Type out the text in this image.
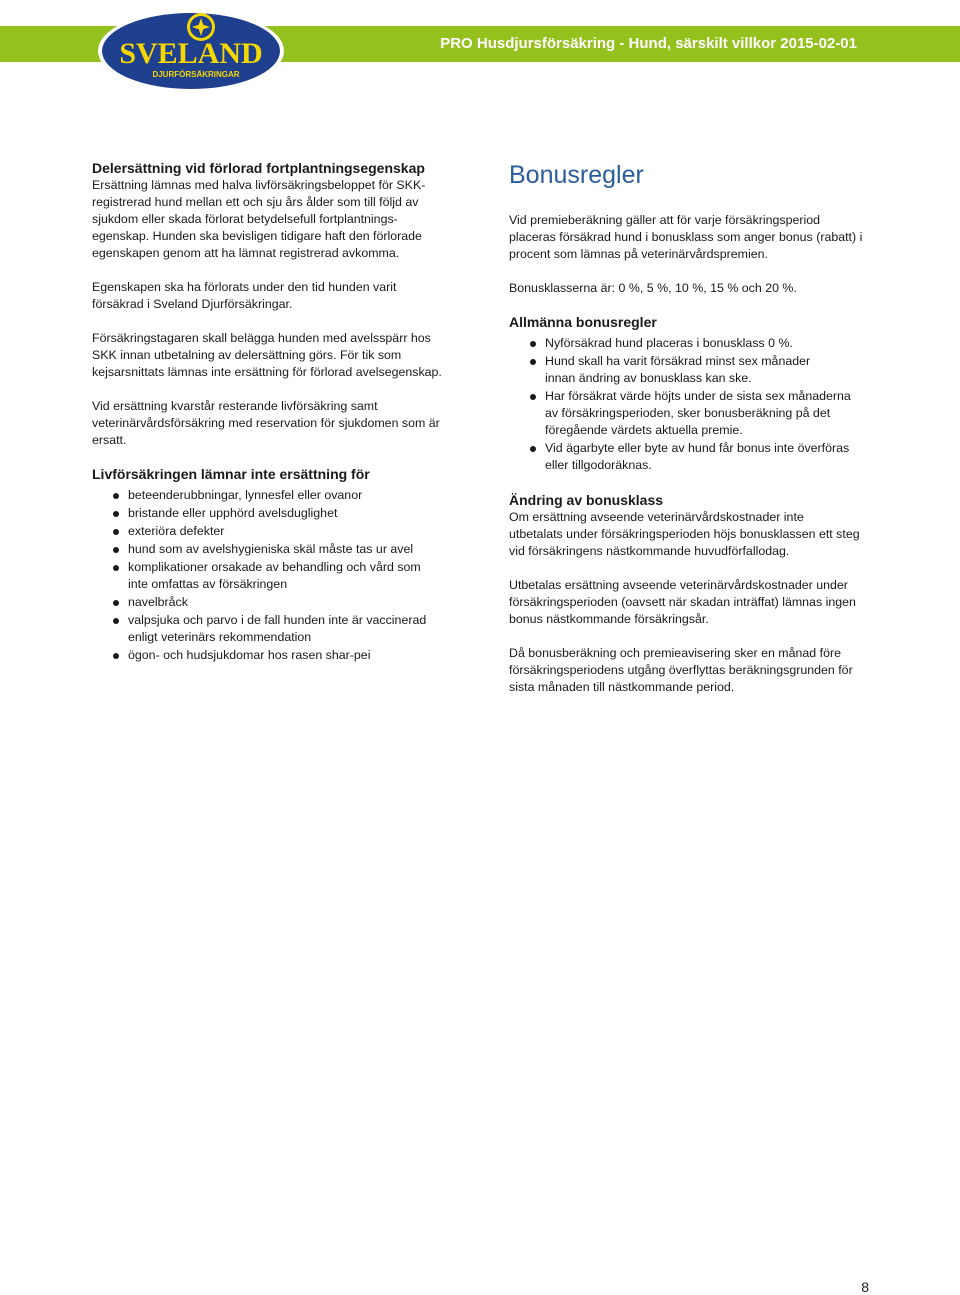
PRO Husdjursförsäkring - Hund, särskilt villkor 2015-02-01
SVELAND
DJURFÖRSÄKRINGAR

Delersättning vid förlorad fortplantningsegenskap

Ersättning lämnas med halva livförsäkringsbeloppet för SKK-
registrerad hund mellan ett och sju års ålder som till följd av
sjukdom eller skada förlorat betydelsefull fortplantnings-
egenskap. Hunden ska bevisligen tidigare haft den förlorade
egenskapen genom att ha lämnat registrerad avkomma.
Egenskapen ska ha förlorats under den tid hunden varit
försäkrad i Sveland Djurförsäkringar.
Försäkringstagaren skall belägga hunden med avelsspärr hos
SKK innan utbetalning av delersättning görs. För tik som
kejsarsnittats lämnas inte ersättning för förlorad avelsegenskap.
Vid ersättning kvarstår resterande livförsäkring samt
veterinärvårdsförsäkring med reservation för sjukdomen som är
ersatt.

Livförsäkringen lämnar inte ersättning för

beteenderubbningar, lynnesfel eller ovanor
bristande eller upphörd avelsduglighet
exteriöra defekter
hund som av avelshygieniska skäl måste tas ur avel
komplikationer orsakade av behandling och vård som
inte omfattas av försäkringen
navelbråck
valpsjuka och parvo i de fall hunden inte är vaccinerad
enligt veterinärs rekommendation
ögon- och hudsjukdomar hos rasen shar-pei

Bonusregler

Vid premieberäkning gäller att för varje försäkringsperiod
placeras försäkrad hund i bonusklass som anger bonus (rabatt) i
procent som lämnas på veterinärvårdspremien.
Bonusklasserna är: 0 %, 5 %, 10 %, 15 % och 20 %.

Allmänna bonusregler

Nyförsäkrad hund placeras i bonusklass 0 %.
Hund skall ha varit försäkrad minst sex månader
innan ändring av bonusklass kan ske.
Har försäkrat värde höjts under de sista sex månaderna
av försäkringsperioden, sker bonusberäkning på det
föregående värdets aktuella premie.
Vid ägarbyte eller byte av hund får bonus inte överföras
eller tillgodoräknas.

Ändring av bonusklass

Om ersättning avseende veterinärvårdskostnader inte
utbetalats under försäkringsperioden höjs bonusklassen ett steg
vid försäkringens nästkommande huvudförfallodag.
Utbetalas ersättning avseende veterinärvårdskostnader under
försäkringsperioden (oavsett när skadan inträffat) lämnas ingen
bonus nästkommande försäkringsår.
Då bonusberäkning och premieavisering sker en månad före
försäkringsperiodens utgång överflyttas beräkningsgrunden för
sista månaden till nästkommande period.
8
